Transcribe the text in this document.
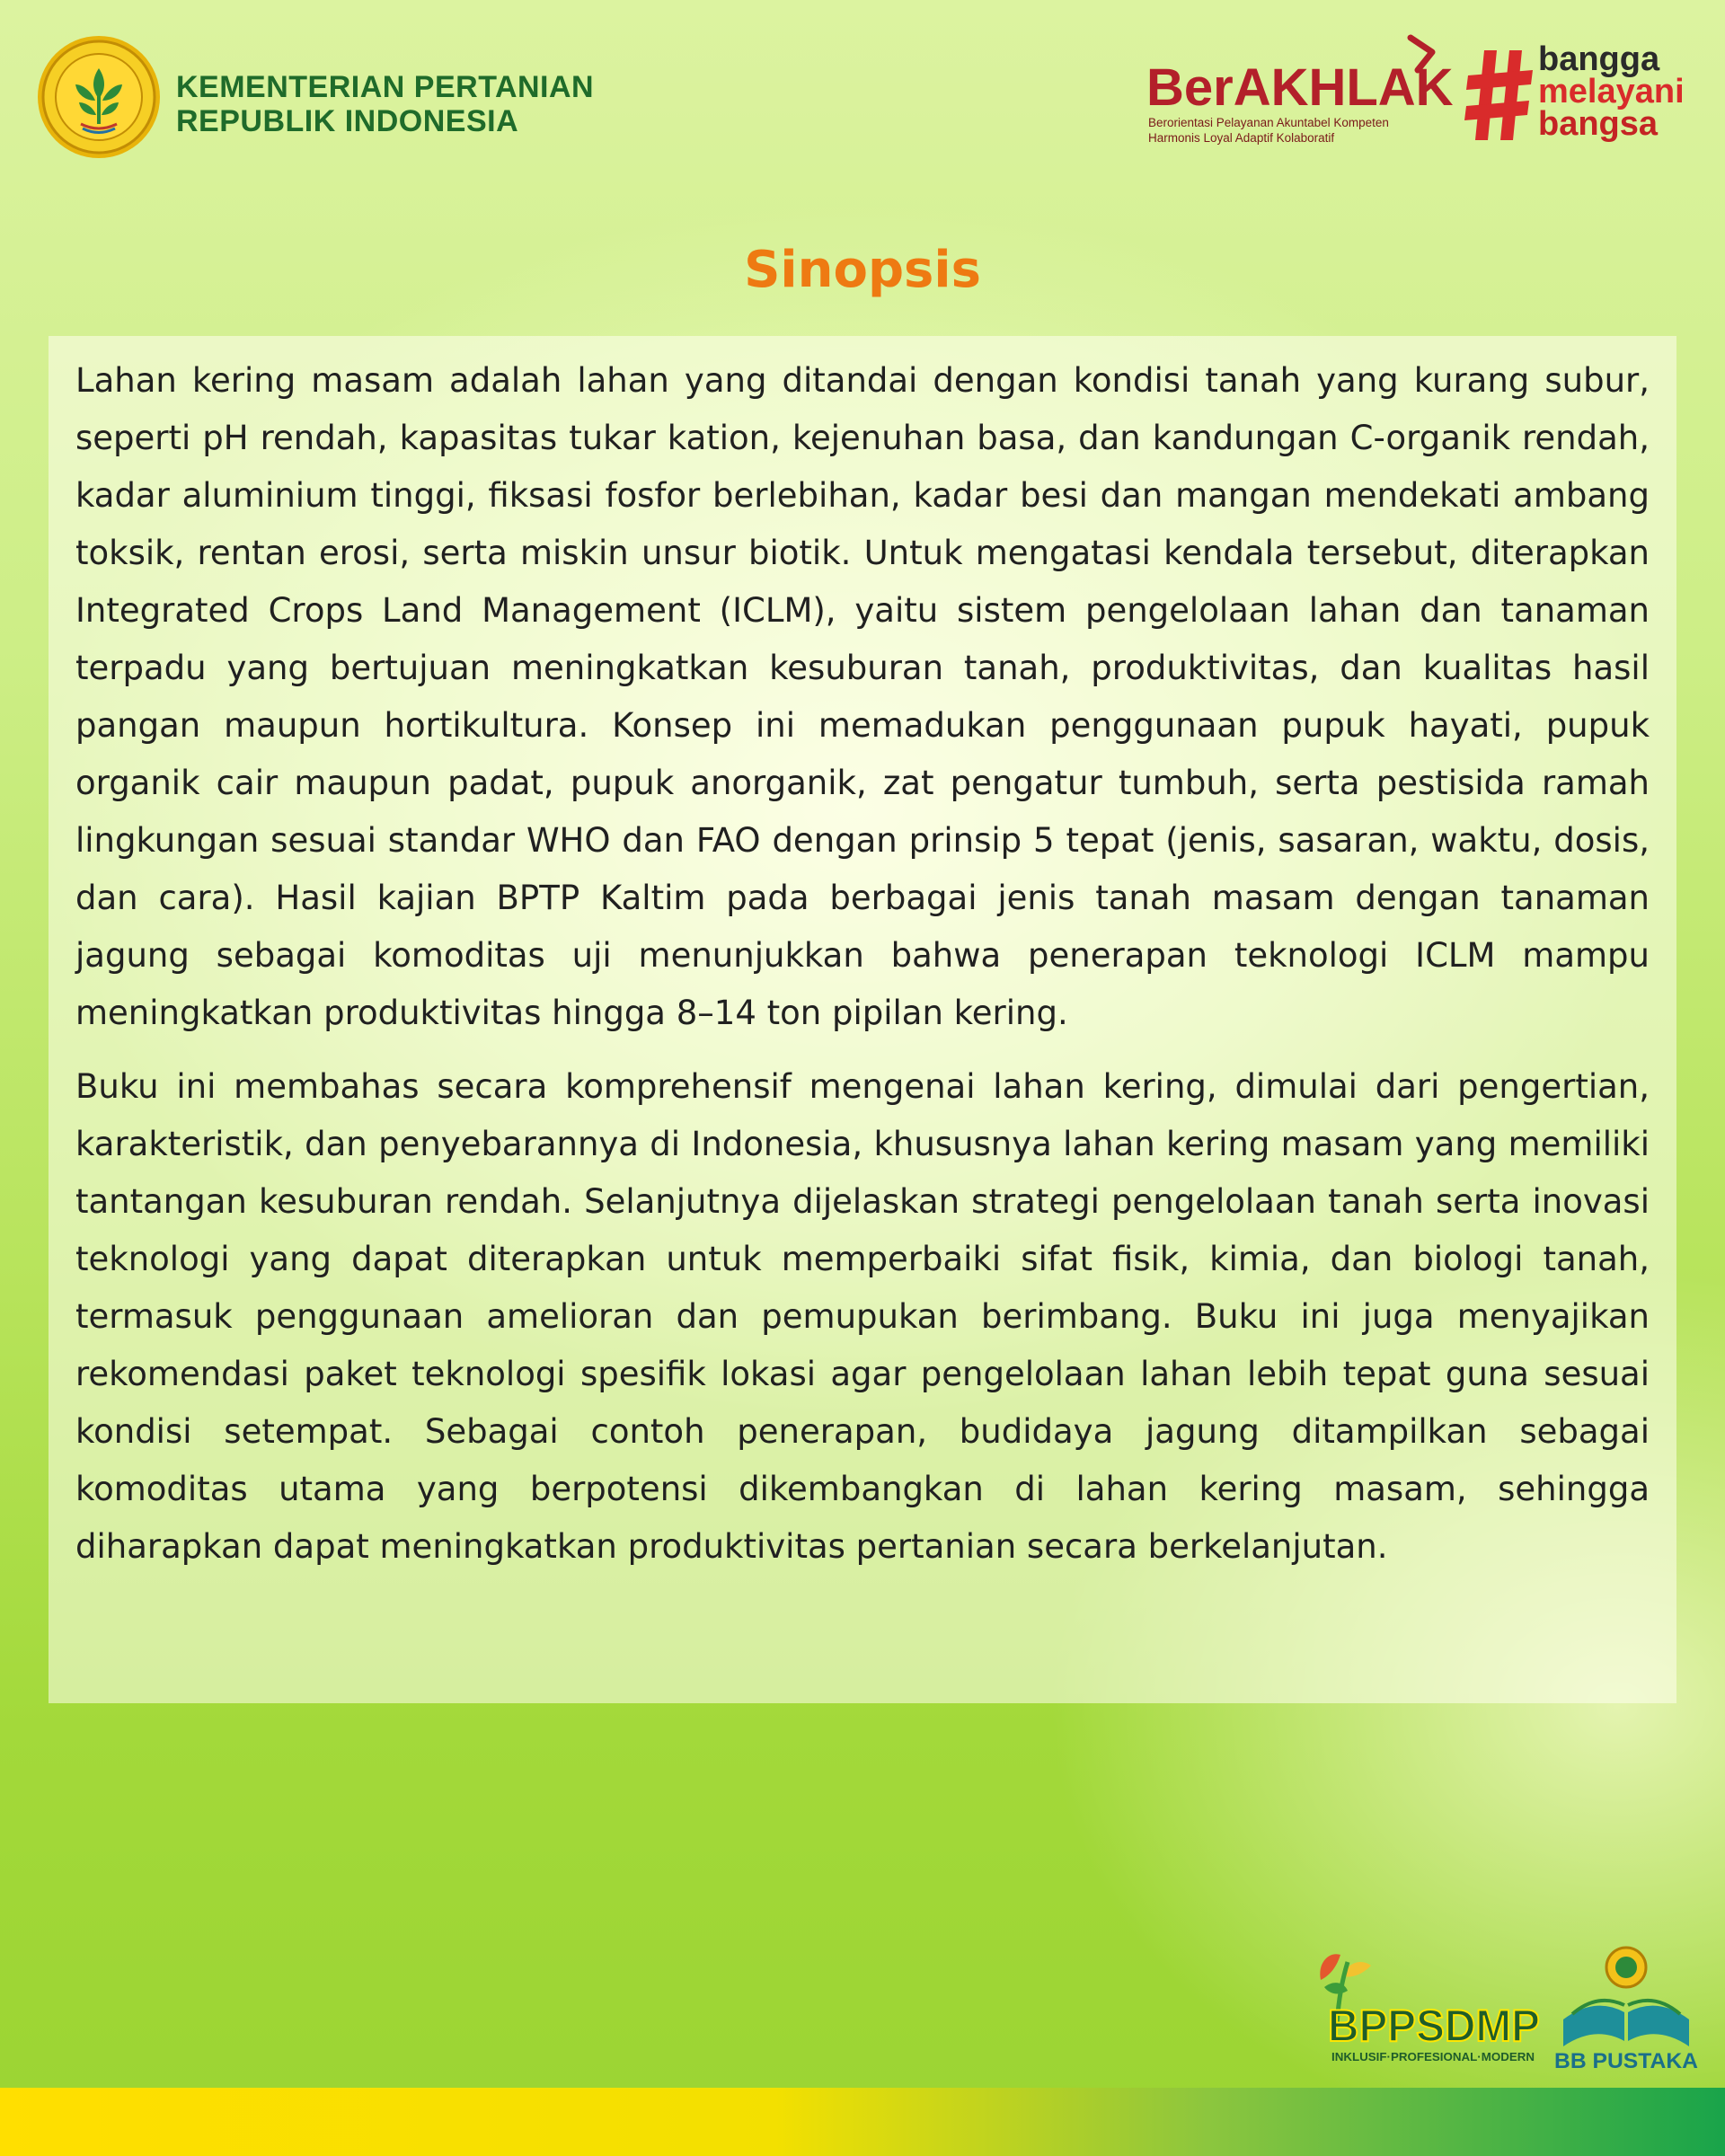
KEMENTERIAN PERTANIAN
REPUBLIK INDONESIA
BerAKHLAK
Berorientasi Pelayanan Akuntabel Kompeten
Harmonis Loyal Adaptif Kolaboratif
bangga
melayani
bangsa
Sinopsis

Lahan kering masam adalah lahan yang ditandai dengan kondisi tanah yang kurang subur, seperti pH rendah, kapasitas tukar kation, kejenuhan basa, dan kandungan C-organik rendah, kadar aluminium tinggi, fiksasi fosfor berlebihan, kadar besi dan mangan mendekati ambang toksik, rentan erosi, serta miskin unsur biotik. Untuk mengatasi kendala tersebut, diterapkan Integrated Crops Land Management (ICLM), yaitu sistem pengelolaan lahan dan tanaman terpadu yang bertujuan meningkatkan kesuburan tanah, produktivitas, dan kualitas hasil pangan maupun hortikultura. Konsep ini memadukan penggunaan pupuk hayati, pupuk organik cair maupun padat, pupuk anorganik, zat pengatur tumbuh, serta pestisida ramah lingkungan sesuai standar WHO dan FAO dengan prinsip 5 tepat (jenis, sasaran, waktu, dosis, dan cara). Hasil kajian BPTP Kaltim pada berbagai jenis tanah masam dengan tanaman jagung sebagai komoditas uji menunjukkan bahwa penerapan teknologi ICLM mampu meningkatkan produktivitas hingga 8–14 ton pipilan kering.

Buku ini membahas secara komprehensif mengenai lahan kering, dimulai dari pengertian, karakteristik, dan penyebarannya di Indonesia, khususnya lahan kering masam yang memiliki tantangan kesuburan rendah. Selanjutnya dijelaskan strategi pengelolaan tanah serta inovasi teknologi yang dapat diterapkan untuk memperbaiki sifat fisik, kimia, dan biologi tanah, termasuk penggunaan amelioran dan pemupukan berimbang. Buku ini juga menyajikan rekomendasi paket teknologi spesifik lokasi agar pengelolaan lahan lebih tepat guna sesuai kondisi setempat. Sebagai contoh penerapan, budidaya jagung ditampilkan sebagai komoditas utama yang berpotensi dikembangkan di lahan kering masam, sehingga diharapkan dapat meningkatkan produktivitas pertanian secara berkelanjutan.

BPPSDMP
INKLUSIF·PROFESIONAL·MODERN BB PUSTAKA
